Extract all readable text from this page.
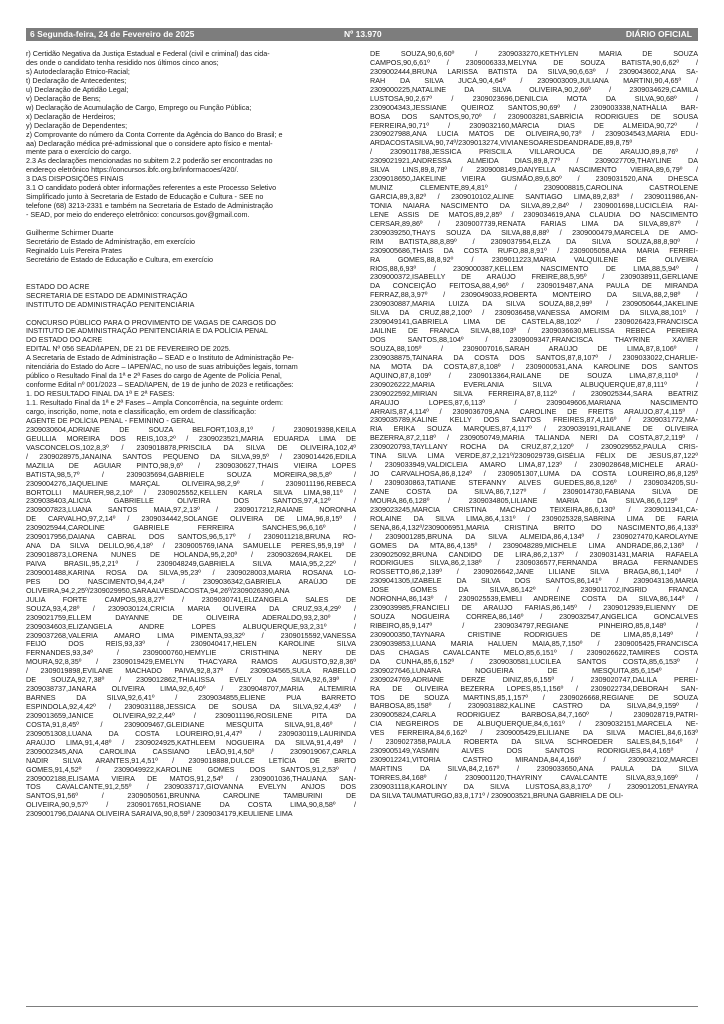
6 Segunda-feira, 24 de Fevereiro de 2025	Nº 13.970	DIÁRIO OFICIAL
r) Certidão Negativa da Justiça Estadual e Federal (civil e criminal) das cida-
des onde o candidato tenha residido nos últimos cinco anos;
s) Autodeclaração Étnico-Racial;
t) Declaração de Antecedentes;
u) Declaração de Aptidão Legal;
v) Declaração de Bens;
w) Declaração de Acumulação de Cargo, Emprego ou Função Pública;
x) Declaração de Herdeiros;
y) Declaração de Dependentes;
z) Comprovante do número da Conta Corrente da Agência do Banco do Brasil; e
aa) Declaração médica pré-admissional que o considere apto físico e mental-
mente para o exercício do cargo.
2.3 As declarações mencionadas no subitem 2.2 poderão ser encontradas no
endereço eletrônico https://concursos.ibfc.org.br/informacoes/420/.
3 DAS DISPOSIÇÕES FINAIS
3.1 O candidato poderá obter informações referentes a este Processo Seletivo
Simplificado junto à Secretaria de Estado de Educação e Cultura - SEE no
telefone (68) 3213-2331 e também na Secretaria de Estado de Administração
- SEAD, por meio do endereço eletrônico: concursos.gov@gmail.com.
Guilherme Schirmer Duarte
Secretário de Estado de Administração, em exercício
Reginaldo Luís Pereira Prates
Secretário de Estado de Educação e Cultura, em exercício
ESTADO DO ACRE
SECRETARIA DE ESTADO DE ADMINISTRAÇÃO
INSTITUTO DE ADMINISTRAÇÃO PENITENCIÁRIA
CONCURSO PÚBLICO PARA O PROVIMENTO DE VAGAS DE CARGOS DO
INSTITUTO DE ADMINISTRAÇÃO PENITENCIÁRIA E DA POLÍCIA PENAL
DO ESTADO DO ACRE
EDITAL Nº 056 SEAD/IAPEN, DE 21 DE FEVEREIRO DE 2025.
A Secretaria de Estado de Administração – SEAD e o Instituto de Administração Pe-
nitenciária do Estado do Acre – IAPEN/AC, no uso de suas atribuições legais, tornam
público o Resultado Final da 1ª e 2ª Fases do cargo de Agente de Polícia Penal,
conforme Edital nº 001/2023 – SEAD/IAPEN, de 19 de junho de 2023 e retificações:
1. DO RESULTADO FINAL DA 1ª E 2ª FASES:
1.1. Resultado Final da 1ª e 2ª Fases – Ampla Concorrência, na seguinte ordem:
cargo, inscrição, nome, nota e classificação, em ordem de classificação:
AGENTE DE POLÍCIA PENAL - FEMININO - GERAL
2309030604,ADRIANE DE SOUZA BELFORT,103,8,1º / 2309019398,KEILA
GEULLIA MOREIRA DOS REIS,103,2º / 2309023521,MARIA EDUARDA LIMA DE
VASCONCELOS,102,8,3º / 2309018878,PRISCILA DA SILVA DE OLIVEIRA,102,4º
/ 2309028975,JANAINA SANTOS PEQUENO DA SILVA,99,5º / 2309014426,EDILA
MAZILIA DE AGUIAR PINTO,98,9,6º / 2309030627,THAIS VIEIRA LOPES
BATISTA,98,5,7º / 2309035694,GABRIELE SOUZA MOREIRA,98,5,8º /
2309004276,JAQUELINE MARÇAL OLIVEIRA,98,2,9º / 2309011196,REBECA
BORTOLLI MAURER,98,2,10º / 2309025552,KELLEN KARLA SILVA LIMA,98,11º /
2309038403,ALICIA GABRIELLE OLIVEIRA DOS SANTOS,97,4,12º /
2309007823,LUANA SANTOS MAIA,97,2,13º / 2309017212,RAIANE NORONHA
DE CARVALHO,97,2,14º / 2309034442,SOLANGE OLIVEIRA DE LIMA,96,8,15º /
2309025944,CAROLINE GABRIELE FERREIRA SANCHES,96,6,16º /
2309017956,DAIANA CABRAL DOS SANTOS,96,5,17º / 2309011218,BRUNA RO-
ANA DA SILVA DELILO,96,4,18º / 2309005769,IANA SAMUELLE PERES,95,9,19º /
2309018873,LORENA NUNES DE HOLANDA,95,2,20º / 2309032694,RAKEL DE
PAIVA BRASIL,95,2,21º / 2309048249,GABRIELA SILVA MAIA,95,2,22º /
2309001488,KARINA ROSA DA SILVA,95,23º / 2309028003,MARIA ROSANA LO-
PES DO NASCIMENTO,94,4,24º / 2309036342,GABRIELA ARAÚJO DE
OLIVEIRA,94,2,25º/2309029950,SARAALVESDACOSTA,94,26º/2309026390,ANA
JULIA FORTE CAMPOS,93,8,27º / 2309030741,ELIZANGELA SALES DE
SOUZA,93,4,28º / 2309030124,CRICIA MARIA OLIVEIRA DA CRUZ,93,4,29º /
2309021759,ELLEM DAYANNE DE OLIVEIRA ADERALDO,93,2,30º /
2309034603,ELIZANGELA ANDRE LOPES ALBUQUERQUE,93,2,31º /
2309037268,VALERIA AMARO LIMA PIMENTA,93,32º / 2309015592,VANESSA
FEIJÓ DOS REIS,93,33º / 2309040417,HELEN KAROLINE SILVA
FERNANDES,93,34º / 2309000760,HEMYLIE CRISTHINA NERY DE
MOURA,92,8,35º / 2309019429,EMELYN THACYARA RAMOS AUGUSTO,92,8,36º
/ 2309019898,EVILANE MACHADO PAIVA,92,8,37º / 2309034565,SULA RABELLO
DE SOUZA,92,7,38º / 2309012862,THIALISSA EVELY DA SILVA,92,6,39º /
2309038737,JANARA OLIVEIRA LIMA,92,6,40º / 2309048707,MARIA ALTEMIRIA
BARNES DA SILVA,92,6,41º / 2309034855,ELIENE PUA BARRETO
ESPINDOLA,92,4,42º / 2309031188,JESSICA DE SOUSA DA SILVA,92,4,43º /
2309013659,JANICE OLIVEIRA,92,2,44º / 2309011196,ROSILENE PITA DA
COSTA,91,8,45º / 2309009467,GLEIDIANE MESQUITA SILVA,91,8,46º /
2309051308,LUANA DA COSTA LOUREIRO,91,4,47º / 2309030119,LAURINDA
ARAÚJO LIMA,91,4,48º / 2309024925,KATHLEEM NOGUEIRA DA SILVA,91,4,49º /
2309002345,ANA CAROLINA CASSIANO LEÃO,91,4,50º / 2309019067,CARLA
NADIR SILVA ARANTES,91,4,51º / 2309018888,DULCE LETÍCIA DE BRITO
GOMES,91,4,52º / 2309049922,KAROLINE GOMES DOS SANTOS,91,2,53º /
2309002188,ELISAMA VIEIRA DE MATOS,91,2,54º / 2309001036,THAUANA SAN-
TOS CAVALCANTE,91,2,55º / 2309033717,GIOVANNA EVELYN ANJOS DOS
SANTOS,91,56º / 2309050561,BRUNNA CAROLINE TAMBURINI DE
OLIVEIRA,90,9,57º / 2309017651,ROSIANE DA COSTA LIMA,90,8,58º /
2309001796,DAIANA OLIVEIRA SARAIVA,90,8,59º / 2309034179,KEULIENE LIMA
DE SOUZA,90,6,60º / 2309033270,KETHYLEN MARIA DE SOUZA
CAMPOS,90,6,61º / 2309006333,MELYNA DE SOUZA BATISTA,90,6,62º /
2309002444,BRUNA LARISSA BATISTA DA SILVA,90,6,63º / 2309043602,ANA SA-
RAH DA SILVA JUCÁ,90,4,64º / 2309003009,JULIANA MARTINI,90,4,65º /
2309000225,NATALINE DA SILVA OLIVEIRA,90,2,66º / 2309034629,CAMILA
LUSTOSA,90,2,67º / 2309023696,DENILCIA MOTA DA SILVA,90,68º /
2309004343,JESSIANE QUEIROZ SANTOS,90,69º / 2309003338,NATHÁLIA BAR-
BOSA DOS SANTOS,90,70º / 2309003281,SABRÍCIA RODRIGUES DE SOUSA
FERREIRA,90,71º / 2309032160,MÁRCIA DIAS DE ALMEIDA,90,72º /
2309027988,ANA LUCIA MATOS DE OLIVEIRA,90,73º / 2309034543,MARIA EDU-
ARDACOSTASILVA,90,74º/2309013274,VIVIANESOARESDEANDRADE,89,8,75º
/ 2309011788,JESSICA PRISCILA VILLAROUCA DE ARAUJO,89,8,76º /
2309021921,ANDRESSA ALMEIDA DIAS,89,8,77º / 2309027709,THAYLINE DA
SILVA LINS,89,8,78º / 2309008149,DANYELLA NASCIMENTO VIEIRA,89,6,79º /
2309018650,JAKELINE VIEIRA GUSMÃO,89,6,80º / 2309031520,ANA DHESCA
MUNIZ CLEMENTE,89,4,81º / 2309008815,CAROLINA CASTROLENE
GARCIA,89,3,82º / 2309010102,ALINE SANTIAGO LIMA,89,2,83º / 2309011986,AN-
TONIA NAIARA NASCIMENTO DA SILVA,89,2,84º / 2309001698,LUCICLÉIA RAI-
LENE ASSIS DE MATOS,89,2,85º / 2309034619,ANA CLAUDIA DO NASCIMENTO
CERSAR,89,86º / 2309007739,RENATA FARIAS LIMA DA SILVA,89,87º /
2309039250,THAYS SOUZA DA SILVA,88,8,88º / 2309000479,MARCELA DE AMO-
RIM BATISTA,88,8,89º / 2309037954,ELZA DA SILVA SOUZA,88,8,90º /
2309005686,THAIS DA COSTA RUFO,88,8,91º / 2309005058,ANA MARIA FERREI-
RA GOMES,88,8,92º / 2309011223,MARIA VALQUILENE DE OLIVEIRA
RIOS,88,6,93º / 2309000387,KELLEM NASCIMENTO DE LIMA,88,5,94º /
2309000372,ISABELLY DE ARAÚJO FREIRE,88,5,95º / 2309038911,GERLIANE
DA CONCEIÇÃO FEITOSA,88,4,96º / 2309019487,ANA PAULA DE MIRANDA
FERRAZ,88,3,97º / 2309049033,ROBERTA MONTEIRO DA SILVA,88,2,98º /
2309030887,MARIA LUIZA DA SILVA SOUZA,88,2,99º / 2309050644,JAKELINE
SILVA DA CRUZ,88,2,100º / 2309036458,VANESSA AMORIM DA SILVA,88,101º /
2309049141,GABRIELA LIMA DE CASTELA,88,102º / 2309026423,FRANCISCA
JAILINE DE FRANCA SILVA,88,103º / 2309036630,MELISSA REBECA PEREIRA
DOS SANTOS,88,104º / 2309009347,FRANCISCA THAYRINE XAVIER
SOUZA,88,105º / 2309007016,SARAH ARAÚJO DE LIMA,87,8,106º /
2309038875,TAINARA DA COSTA DOS SANTOS,87,8,107º / 2309033022,CHARLIE-
NA MOTA DA COSTA,87,8,108º / 2309000531,ANA KAROLINE DOS SANTOS
AQUINO,87,8,109º / 2309013364,RAILANE DE SOUZA LIMA,87,8,110º /
2309026222,MARIA EVERLANIA SILVA ALBUQUERQUE,87,8,111º /
2309022592,MIRIAN SILVA FERREIRA,87,8,112º / 2309025344,SARA BEATRIZ
ARAUJO LOPES,87,6,113º / 2309049606,MARIANA NASCIMENTO
ARRAIS,87,4,114º / 2309036709,ANA CAROLINE DE FREITS ARAUJO,87,4,115º /
2309035789,KALINE KELLY DOS SANTOS FREIRES,87,4,116º / 2309031772,MA-
RIA ERIKA SOUZA MARQUES,87,4,117º / 2309039191,RAILANE DE OLIVEIRA
BEZERRA,87,2,118º / 2309050749,MARIA TALIANDA NERI DA COSTA,87,2,119º /
2309020793,TAYLLANY ROCHA DA CRUZ,87,2,120º / 2309029552,PAULA CRIS-
TINA SILVA LIMA VERDE,87,2,121º/2309029739,GISÉLIA FÉLIX DE JESUS,87,122º
/ 2309033949,VALDICLEIA AMARO LIMA,87,123º / 2309028648,MICHELE ARAÚ-
JO CARVALHOSA,86,8,124º / 2309051307,LUMA DA COSTA LOUREIRO,86,8,125º
/ 2309030863,TATIANE STEFANNY ALVES GUEDES,86,8,126º / 2309034205,SU-
ZANE COSTA DA SILVA,86,7,127º / 2309014730,FABIANA SILVA DE
MOURA,86,6,128º / 2309034805,LILIANE MARIA DA SILVA,86,6,129º /
2309023245,MARCIA CRISTINA MACHADO TEIXEIRA,86,6,130º / 2309011341,CA-
ROLAINE DA SILVA LIMA,86,4,131º / 2309025328,SABRINA LIMA DE FARIA
SENA,86,4,132º/2309006951,MARIA CRISTINA BRITO DO NASCIMENTO,86,4,133º
/ 2309001285,BRUNA DA SILVA ALMEIDA,86,4,134º / 2309027470,KAROLAYNE
GOMES DA MTA,86,4,135º / 2309048289,MICHELE LIMA ANDRADE,86,2,136º /
2309025092,BRUNA CANDIDO DE LIRA,86,2,137º / 2309031431,MARIA RAFAELA
RODRIGUES SILVA,86,2,138º / 2309036577,FERNANDA BRAGA FERNANDES
ROSSETTO,86,2,139º / 2309026642,JANE LILIANE SILVA BRAGA,86,1,140º /
2309041305,IZABELE DA SILVA DOS SANTOS,86,141º / 2309043136,MARIA
JOSE GOMES DA SILVA,86,142º / 2309011702,INGRID FRANCA
NORONHA,86,143º / 2309025539,EMELI ANDREINE COSTA DA SILVA,86,144º /
2309039985,FRANCIELI DE ARAUJO FARIAS,86,145º / 2309012939,ELIENNY DE
SOUZA NOGUEIRA CORREA,86,146º / 2309032547,ANGELICA GONCALVES
RIBEIRO,85,9,147º / 2309034797,REGIANE PINHEIRO,85,8,148º /
2309000350,TAYNARA CRISTINE RODRIGUES DE LIMA,85,8,149º /
2309039853,LUANA MARIA HALUEN MAIA,85,7,150º / 2309005425,FRANCISCA
DAS CHAGAS CAVALCANTE MELO,85,6,151º / 2309026622,TAMIRES COSTA
DA CUNHA,85,6,152º / 2309030581,LUCILEA SANTOS COSTA,85,6,153º /
2309027646,LUNARA NOGUEIRA DE MESQUITA,85,6,154º /
2309024769,ADRIANE DERZE DINIZ,85,6,155º / 2309020747,DALILA PEREI-
RA DE OLIVEIRA BEZERRA LOPES,85,1,156º / 2309022734,DEBORAH SAN-
TOS DE SOUZA MARTINS,85,1,157º / 2309026668,REGIANE DE SOUZA
BARBOSA,85,158º / 2309031882,KALINE CASTRO DA SILVA,84,9,159º /
2309005824,CARLA RODRIGUEZ BARBOSA,84,7,160º / 2309028719,PATRI-
CIA NEGREIROS DE ALBUQUERQUE,84,6,161º / 2309032151,MARCELA NE-
VES FERREIRA,84,6,162º / 2309005429,ELILIANE DA SILVA MACIEL,84,6,163º
/ 2309027358,PAULA ROBERTA DA SILVA SCHROEDER SALES,84,5,164º /
2309005149,YASMIN ALVES DOS SANTOS RODRIGUES,84,4,165º /
2309012241,VITORIA CASTRO MIRANDA,84,4,166º / 2309032102,MARCEI
MARTINS DA SILVA,84,2,167º / 2309033650,ANA PAULA DA SILVA
TORRES,84,168º / 2309001120,THAYRINY CAVALCANTE SILVA,83,9,169º /
2309031118,KAROLINY DA SILVA LUSTOSA,83,8,170º / 2309012051,ENAYRA
DA SILVA TAUMATURGO,83,8,171º / 2309003521,BRUNA GABRIELA DE OLI-
